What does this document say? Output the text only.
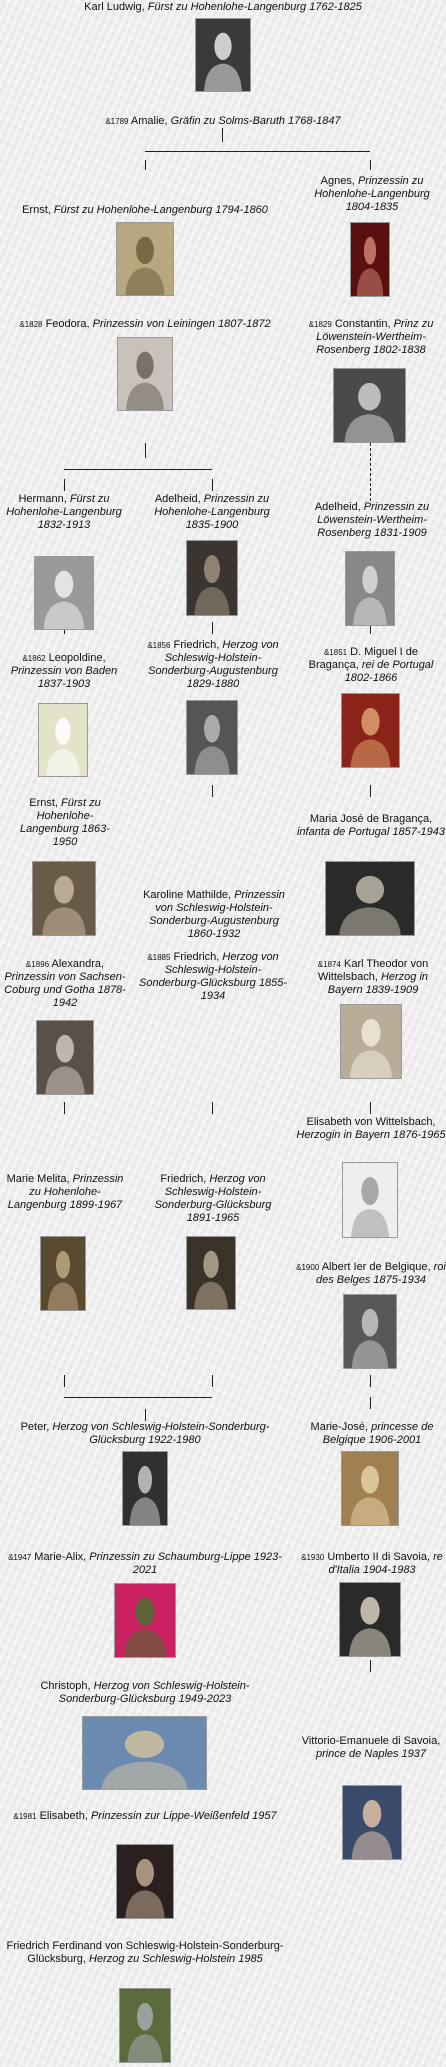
Karl Ludwig, Fürst zu Hohenlohe-Langenburg 1762-1825
&1789 Amalie, Gräfin zu Solms-Baruth 1768-1847
Ernst, Fürst zu Hohenlohe-Langenburg 1794-1860
Agnes, Prinzessin zu Hohenlohe-Langenburg 1804-1835
&1828 Feodora, Prinzessin von Leiningen 1807-1872	&1829 Constantin, Prinz zu Löwenstein-Wertheim-Rosenberg 1802-1838
Hermann, Fürst zu Hohenlohe-Langenburg 1832-1913
Adelheid, Prinzessin zu Hohenlohe-Langenburg 1835-1900
Adelheid, Prinzessin zu Löwenstein-Wertheim-Rosenberg 1831-1909
&1862 Leopoldine, Prinzessin von Baden 1837-1903
&1856 Friedrich, Herzog von Schleswig-Holstein-Sonderburg-Augustenburg 1829-1880
&1851 D. Miguel I de Bragança, rei de Portugal 1802-1866
Ernst, Fürst zu Hohenlohe-Langenburg 1863-1950
Karoline Mathilde, Prinzessin von Schleswig-Holstein-Sonderburg-Augustenburg 1860-1932
&1885 Friedrich, Herzog von Schleswig-Holstein-Sonderburg-Glücksburg 1855-1934
Maria José de Bragança, infanta de Portugal 1857-1943
&1896 Alexandra, Prinzessin von Sachsen-Coburg und Gotha 1878-1942
&1874 Karl Theodor von Wittelsbach, Herzog in Bayern 1839-1909
Elisabeth von Wittelsbach, Herzogin in Bayern 1876-1965
Marie Melita, Prinzessin zu Hohenlohe-Langenburg 1899-1967
Friedrich, Herzog von Schleswig-Holstein-Sonderburg-Glücksburg 1891-1965
&1900 Albert Ier de Belgique, roi des Belges 1875-1934
Peter, Herzog von Schleswig-Holstein-Sonderburg-Glücksburg 1922-1980
Marie-José, princesse de Belgique 1906-2001
&1947 Marie-Alix, Prinzessin zu Schaumburg-Lippe 1923-2021
&1930 Umberto II di Savoia, re d'Italia 1904-1983
Christoph, Herzog von Schleswig-Holstein-Sonderburg-Glücksburg 1949-2023
Vittorio-Emanuele di Savoia, prince de Naples 1937
&1981 Elisabeth, Prinzessin zur Lippe-Weißenfeld 1957
Friedrich Ferdinand von Schleswig-Holstein-Sonderburg-Glücksburg, Herzog zu Schleswig-Holstein 1985
